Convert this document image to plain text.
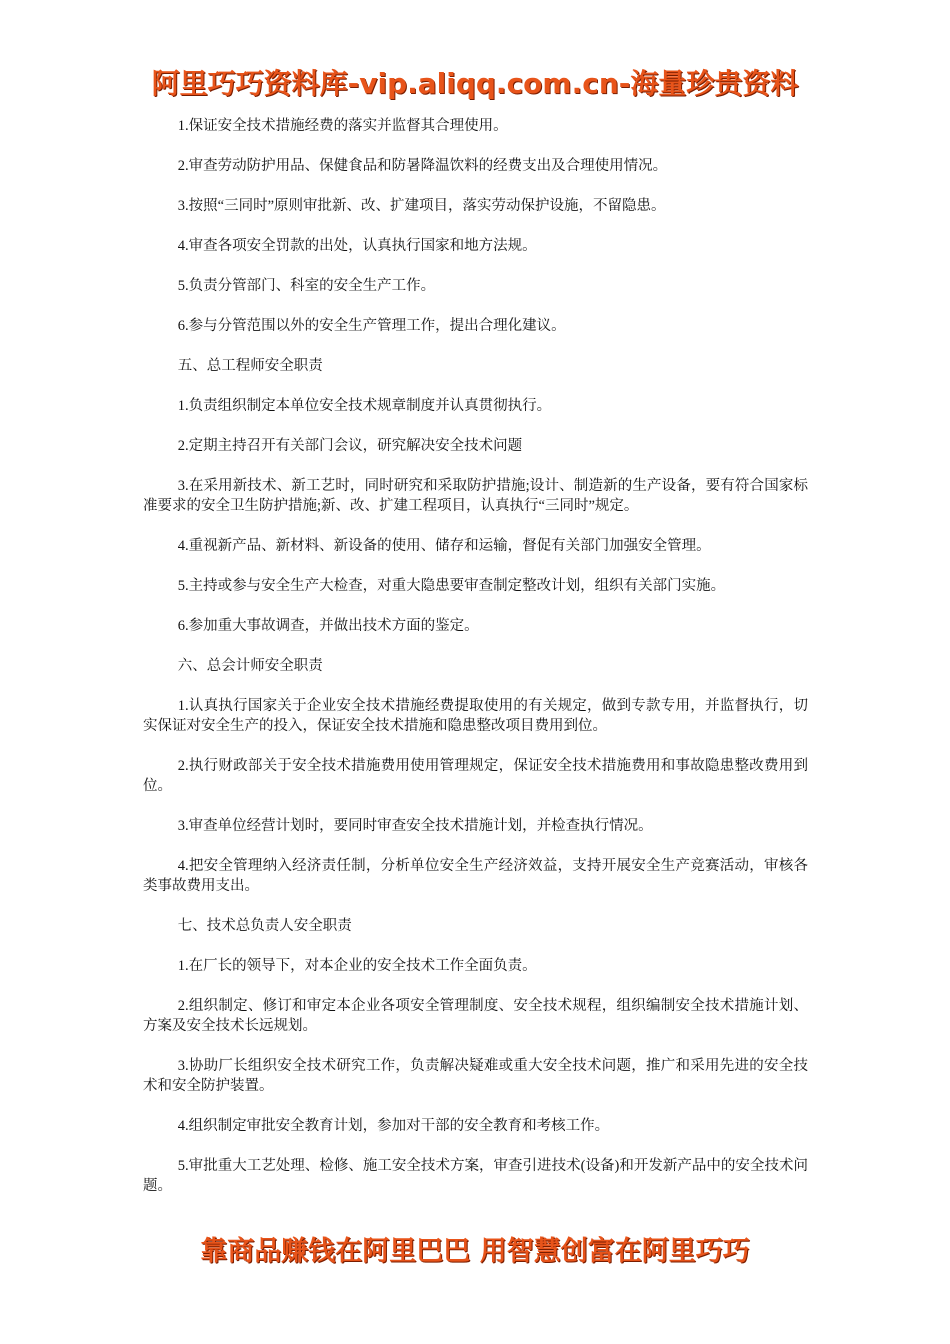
阿里巧巧资料库-vip.aliqq.com.cn-海量珍贵资料

1.保证安全技术措施经费的落实并监督其合理使用。

2.审查劳动防护用品、保健食品和防暑降温饮料的经费支出及合理使用情况。

3.按照“三同时”原则审批新、改、扩建项目，落实劳动保护设施，不留隐患。

4.审查各项安全罚款的出处，认真执行国家和地方法规。

5.负责分管部门、科室的安全生产工作。

6.参与分管范围以外的安全生产管理工作，提出合理化建议。

五、总工程师安全职责

1.负责组织制定本单位安全技术规章制度并认真贯彻执行。

2.定期主持召开有关部门会议，研究解决安全技术问题

3.在采用新技术、新工艺时，同时研究和采取防护措施;设计、制造新的生产设备，要有符合国家标准要求的安全卫生防护措施;新、改、扩建工程项目，认真执行“三同时”规定。

4.重视新产品、新材料、新设备的使用、储存和运输，督促有关部门加强安全管理。

5.主持或参与安全生产大检查，对重大隐患要审查制定整改计划，组织有关部门实施。

6.参加重大事故调查，并做出技术方面的鉴定。

六、总会计师安全职责

1.认真执行国家关于企业安全技术措施经费提取使用的有关规定，做到专款专用，并监督执行，切实保证对安全生产的投入，保证安全技术措施和隐患整改项目费用到位。

2.执行财政部关于安全技术措施费用使用管理规定，保证安全技术措施费用和事故隐患整改费用到位。

3.审查单位经营计划时，要同时审查安全技术措施计划，并检查执行情况。

4.把安全管理纳入经济责任制，分析单位安全生产经济效益，支持开展安全生产竞赛活动，审核各类事故费用支出。

七、技术总负责人安全职责

1.在厂长的领导下，对本企业的安全技术工作全面负责。

2.组织制定、修订和审定本企业各项安全管理制度、安全技术规程，组织编制安全技术措施计划、方案及安全技术长远规划。

3.协助厂长组织安全技术研究工作，负责解决疑难或重大安全技术问题，推广和采用先进的安全技术和安全防护装置。

4.组织制定审批安全教育计划，参加对干部的安全教育和考核工作。

5.审批重大工艺处理、检修、施工安全技术方案，审查引进技术(设备)和开发新产品中的安全技术问题。

靠商品赚钱在阿里巴巴 用智慧创富在阿里巧巧
